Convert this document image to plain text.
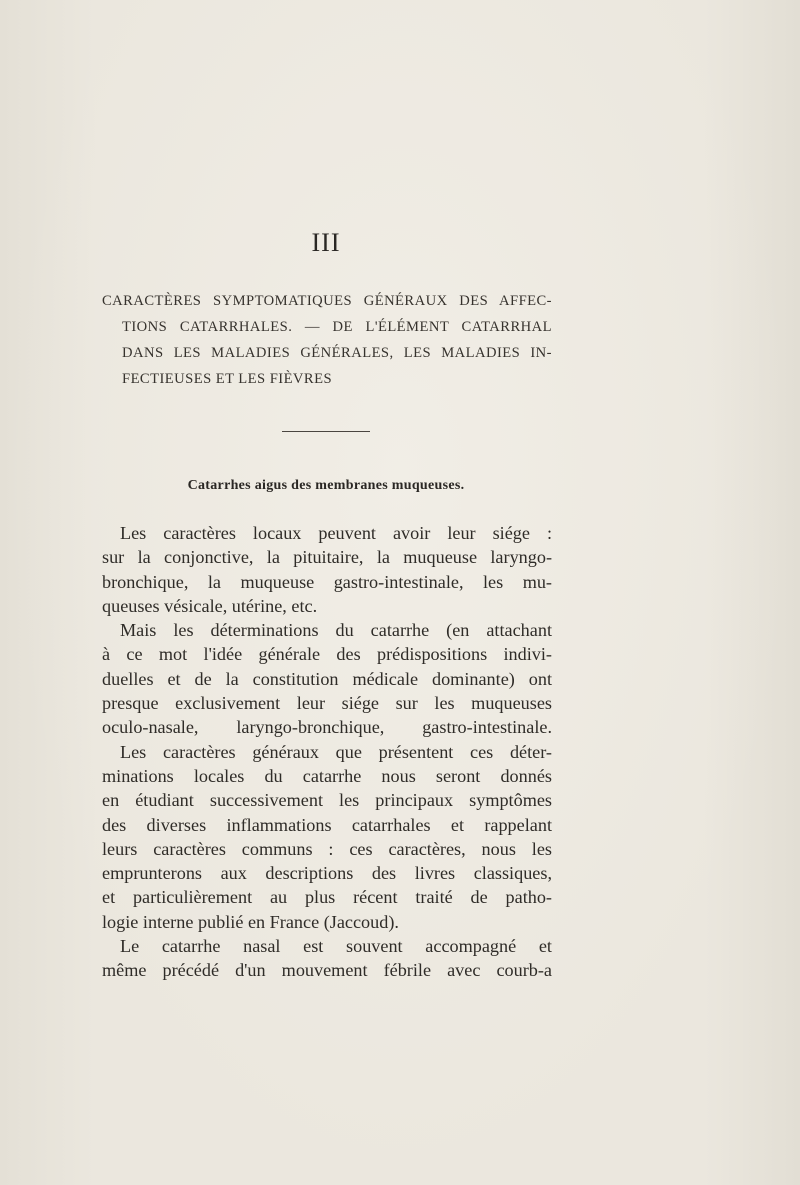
III
CARACTÈRES SYMPTOMATIQUES GÉNÉRAUX DES AFFEC-
TIONS CATARRHALES. — DE L'ÉLÉMENT CATARRHAL
DANS LES MALADIES GÉNÉRALES, LES MALADIES IN-
FECTIEUSES ET LES FIÈVRES
Catarrhes aigus des membranes muqueuses.
Les caractères locaux peuvent avoir leur siége :
sur la conjonctive, la pituitaire, la muqueuse laryngo-
bronchique, la muqueuse gastro-intestinale, les mu-
queuses vésicale, utérine, etc.
Mais les déterminations du catarrhe (en attachant
à ce mot l'idée générale des prédispositions indivi-
duelles et de la constitution médicale dominante) ont
presque exclusivement leur siége sur les muqueuses
oculo-nasale, laryngo-bronchique, gastro-intestinale.
Les caractères généraux que présentent ces déter-
minations locales du catarrhe nous seront donnés
en étudiant successivement les principaux symptômes
des diverses inflammations catarrhales et rappelant
leurs caractères communs : ces caractères, nous les
emprunterons aux descriptions des livres classiques,
et particulièrement au plus récent traité de patho-
logie interne publié en France (Jaccoud).
Le catarrhe nasal est souvent accompagné et
même précédé d'un mouvement fébrile avec courb-a
